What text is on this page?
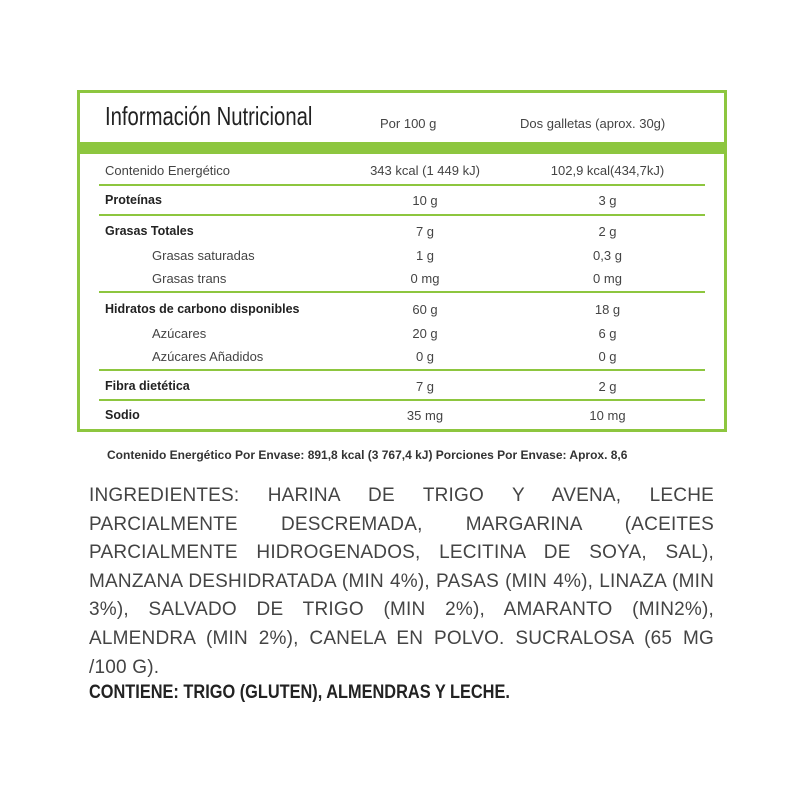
Información Nutricional	Por 100 g	Dos galletas (aprox. 30g)
Contenido Energético	343 kcal (1 449 kJ)	102,9 kcal(434,7kJ)
Proteínas	10 g	3 g
Grasas Totales	7 g	2 g
Grasas saturadas	1 g	0,3 g
Grasas trans	0 mg	0 mg
Hidratos de carbono disponibles	60 g	18 g
Azúcares	20 g	6 g
Azúcares Añadidos	0 g	0 g
Fibra dietética	7 g	2 g
Sodio	35 mg	10 mg
Contenido Energético Por Envase: 891,8 kcal (3 767,4 kJ) Porciones Por Envase: Aprox. 8,6
INGREDIENTES: HARINA DE TRIGO Y AVENA, LECHE PARCIALMENTE DESCREMADA, MARGARINA (ACEITES PARCIALMENTE HIDROGENADOS, LECITINA DE SOYA, SAL), MANZANA DESHIDRATADA (MIN 4%), PASAS (MIN 4%), LINAZA (MIN 3%), SALVADO DE TRIGO (MIN 2%), AMARANTO (MIN2%), ALMENDRA (MIN 2%), CANELA EN POLVO. SUCRALOSA (65 MG /100 G).
CONTIENE: TRIGO (GLUTEN), ALMENDRAS Y LECHE.
